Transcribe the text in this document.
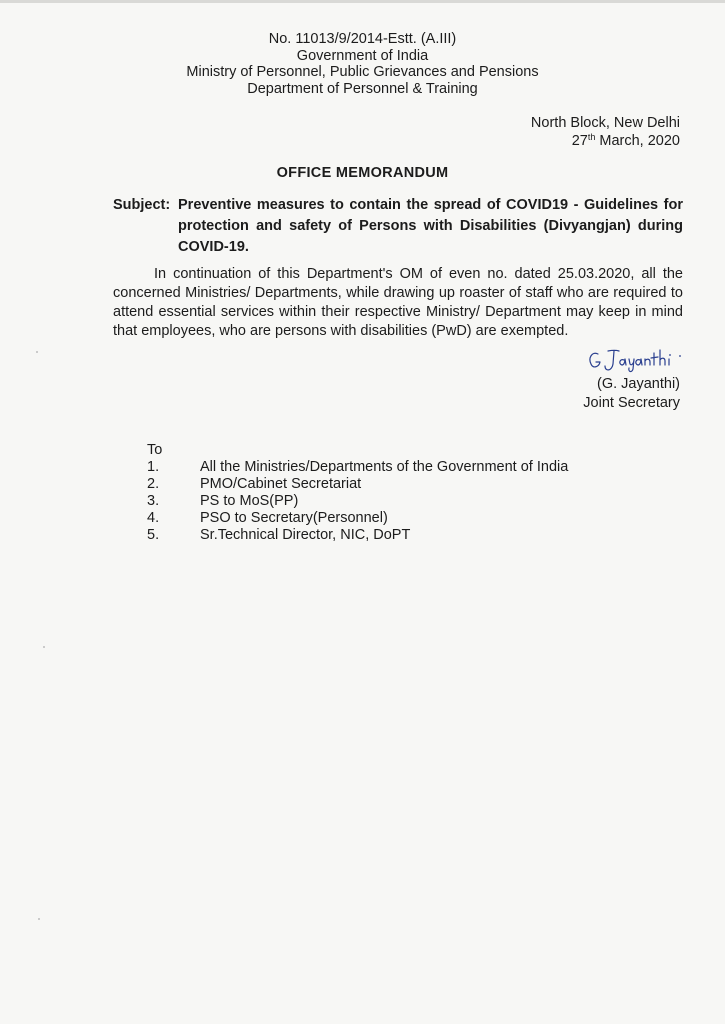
No. 11013/9/2014-Estt. (A.III)
Government of India
Ministry of Personnel, Public Grievances and Pensions
Department of Personnel & Training
North Block, New Delhi
27th March, 2020
OFFICE MEMORANDUM
Subject: Preventive measures to contain the spread of COVID19 - Guidelines for protection and safety of Persons with Disabilities (Divyangjan) during COVID-19.
In continuation of this Department's OM of even no. dated 25.03.2020, all the concerned Ministries/ Departments, while drawing up roaster of staff who are required to attend essential services within their respective Ministry/ Department may keep in mind that employees, who are persons with disabilities (PwD) are exempted.
(G. Jayanthi)
Joint Secretary
To
1.	All the Ministries/Departments of the Government of India
2.	PMO/Cabinet Secretariat
3.	PS to MoS(PP)
4.	PSO to Secretary(Personnel)
5.	Sr.Technical Director, NIC, DoPT
